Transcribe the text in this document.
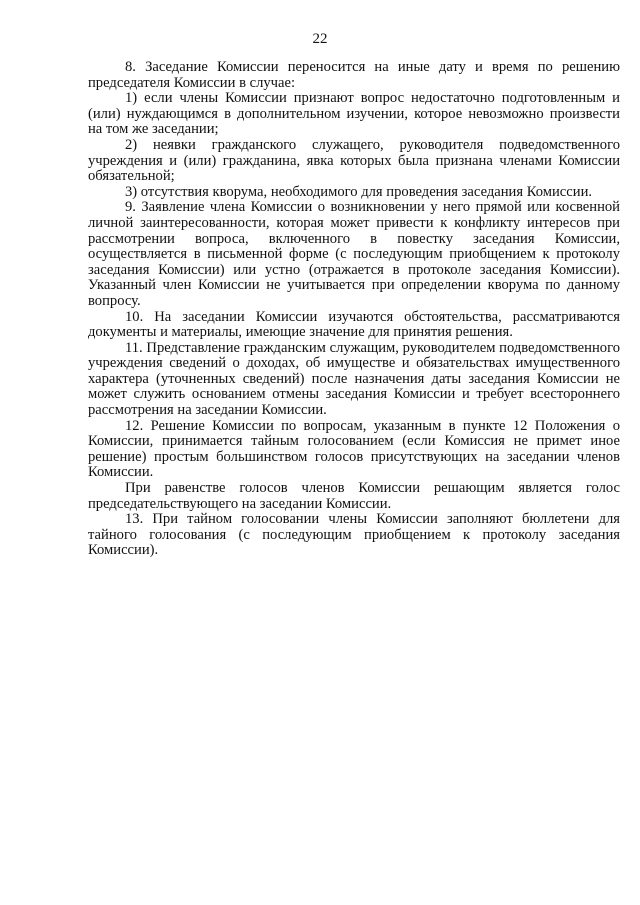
22

8. Заседание Комиссии переносится на иные дату и время по решению председателя Комиссии в случае:

1) если члены Комиссии признают вопрос недостаточно подготовленным и (или) нуждающимся в дополнительном изучении, которое невозможно произвести на том же заседании;

2) неявки гражданского служащего, руководителя подведомственного учреждения и (или) гражданина, явка которых была признана членами Комиссии обязательной;

3) отсутствия кворума, необходимого для проведения заседания Комиссии.

9. Заявление члена Комиссии о возникновении у него прямой или косвенной личной заинтересованности, которая может привести к конфликту интересов при рассмотрении вопроса, включенного в повестку заседания Комиссии, осуществляется в письменной форме (с последующим приобщением к протоколу заседания Комиссии) или устно (отражается в протоколе заседания Комиссии). Указанный член Комиссии не учитывается при определении кворума по данному вопросу.

10. На заседании Комиссии изучаются обстоятельства, рассматриваются документы и материалы, имеющие значение для принятия решения.

11. Представление гражданским служащим, руководителем подведомственного учреждения сведений о доходах, об имуществе и обязательствах имущественного характера (уточненных сведений) после назначения даты заседания Комиссии не может служить основанием отмены заседания Комиссии и требует всестороннего рассмотрения на заседании Комиссии.

12. Решение Комиссии по вопросам, указанным в пункте 12 Положения о Комиссии, принимается тайным голосованием (если Комиссия не примет иное решение) простым большинством голосов присутствующих на заседании членов Комиссии.

При равенстве голосов членов Комиссии решающим является голос председательствующего на заседании Комиссии.

13. При тайном голосовании члены Комиссии заполняют бюллетени для тайного голосования (с последующим приобщением к протоколу заседания Комиссии).
